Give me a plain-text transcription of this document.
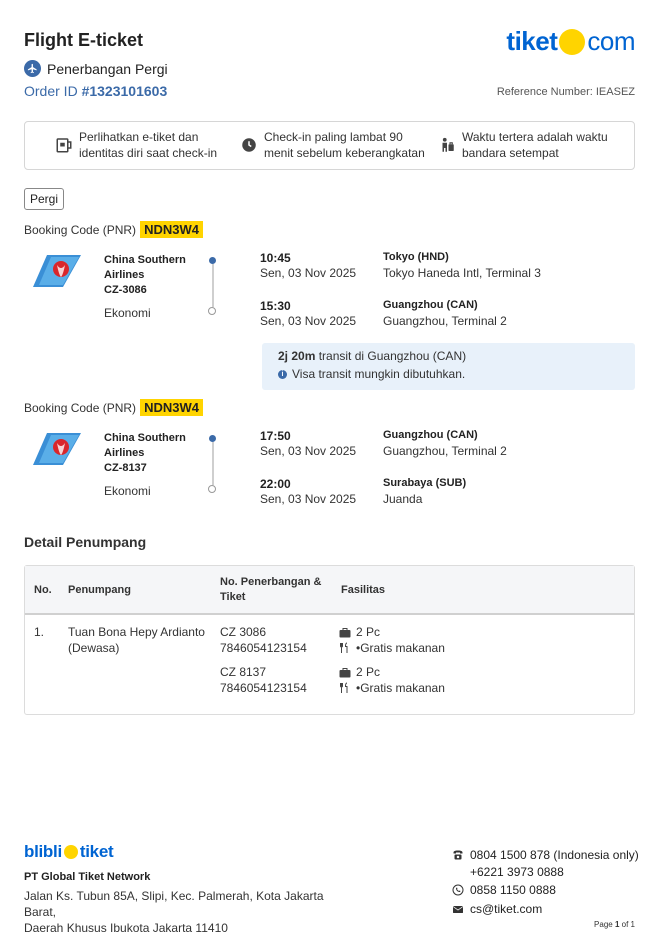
Flight E-ticket	tiket com
Penerbangan Pergi
Order ID #1323101603	Reference Number: IEASEZ
Perlihatkan e-tiket dan
identitas diri saat check-in
Check-in paling lambat 90
menit sebelum keberangkatan
Waktu tertera adalah waktu
bandara setempat
Pergi
Booking Code (PNR) NDN3W4
China Southern
Airlines
CZ-3086
Ekonomi
10:45
Sen, 03 Nov 2025
Tokyo (HND)
Tokyo Haneda Intl, Terminal 3
15:30
Sen, 03 Nov 2025
Guangzhou (CAN)
Guangzhou, Terminal 2
2j 20m transit di Guangzhou (CAN)
i Visa transit mungkin dibutuhkan.
Booking Code (PNR) NDN3W4
China Southern
Airlines
CZ-8137
Ekonomi
17:50
Sen, 03 Nov 2025
Guangzhou (CAN)
Guangzhou, Terminal 2
22:00
Sen, 03 Nov 2025
Surabaya (SUB)
Juanda
Detail Penumpang
No. Penumpang
No. Penerbangan &
Tiket
Fasilitas
1. Tuan Bona Hepy Ardianto
(Dewasa)
CZ 3086
7846054123154
2 Pc
•Gratis makanan
CZ 8137
7846054123154
2 Pc
•Gratis makanan
blibli tiket
PT Global Tiket Network
Jalan Ks. Tubun 85A, Slipi, Kec. Palmerah, Kota Jakarta Barat,
Daerah Khusus Ibukota Jakarta 11410
0804 1500 878 (Indonesia only)
+6221 3973 0888
0858 1150 0888
cs@tiket.com
Page 1 of 1
